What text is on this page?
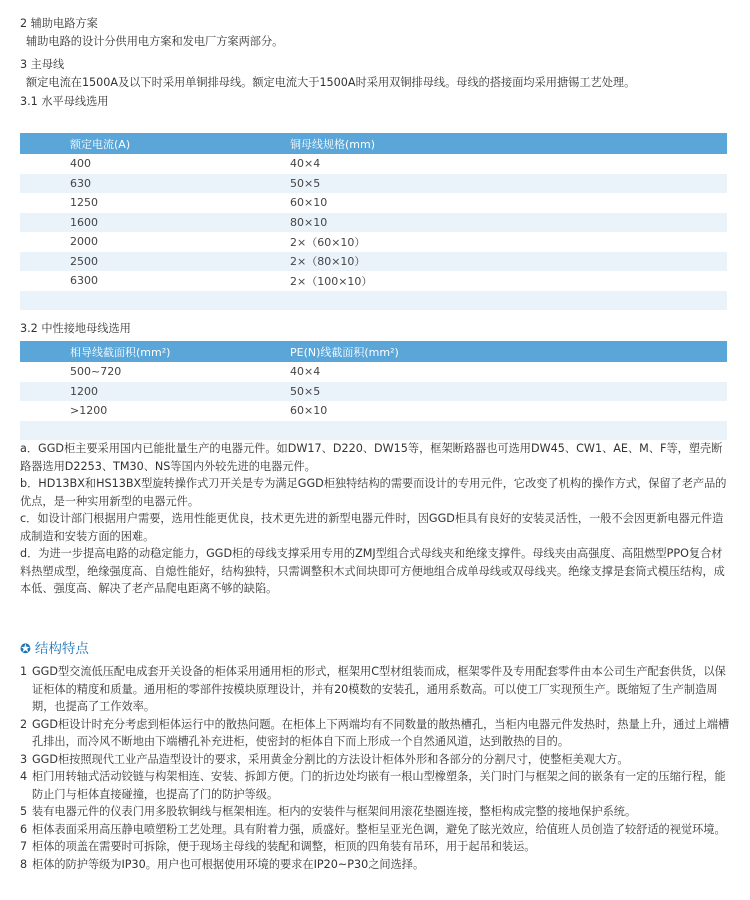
2 辅助电路方案
辅助电路的设计分供用电方案和发电厂方案两部分。
3 主母线
额定电流在1500A及以下时采用单铜排母线。额定电流大于1500A时采用双铜排母线。母线的搭接面均采用搪锡工艺处理。
3.1 水平母线选用
额定电流(A)	铜母线规格(mm)
400	40×4
630	50×5
1250	60×10
1600	80×10
2000	2×（60×10）
2500	2×（80×10）
6300	2×（100×10）

3.2 中性接地母线选用
相导线截面积(mm²)	PE(N)线截面积(mm²)
500~720	40×4
1200	50×5
>1200	60×10

a．GGD柜主要采用国内已能批量生产的电器元件。如DW17、D220、DW15等，框架断路器也可选用DW45、CW1、AE、M、F等，塑壳断路器选用D2253、TM30、NS等国内外较先进的电器元件。
b．HD13BX和HS13BX型旋转操作式刀开关是专为满足GGD柜独特结构的需要而设计的专用元件，它改变了机构的操作方式，保留了老产品的优点，是一种实用新型的电器元件。
c．如设计部门根据用户需要，选用性能更优良，技术更先进的新型电器元件时，因GGD柜具有良好的安装灵活性，一般不会因更新电器元件造成制造和安装方面的困难。
d．为进一步提高电路的动稳定能力，GGD柜的母线支撑采用专用的ZMJ型组合式母线夹和绝缘支撑件。母线夹由高强度、高阻燃型PPO复合材料热塑成型，绝缘强度高、自熄性能好，结构独特，只需调整积木式间块即可方便地组合成单母线或双母线夹。绝缘支撑是套筒式模压结构，成本低、强度高、解决了老产品爬电距离不够的缺陷。
✪ 结构特点
1 GGD型交流低压配电成套开关设备的柜体采用通用柜的形式，框架用C型材组装而成，框架零件及专用配套零件由本公司生产配套供货，以保证柜体的精度和质量。通用柜的零部件按模块原理设计，并有20模数的安装孔，通用系数高。可以使工厂实现预生产。既缩短了生产制造周期，也提高了工作效率。
2 GGD柜设计时充分考虑到柜体运行中的散热问题。在柜体上下两端均有不同数量的散热槽孔，当柜内电器元件发热时，热量上升，通过上端槽孔排出，而冷风不断地由下端槽孔补充进柜，使密封的柜体自下而上形成一个自然通风道，达到散热的目的。
3 GGD柜按照现代工业产品造型设计的要求，采用黄金分割比的方法设计柜体外形和各部分的分割尺寸，使整柜美观大方。
4 柜门用转轴式活动铰链与构架相连、安装、拆卸方便。门的折边处均嵌有一根山型橡塑条，关门时门与框架之间的嵌条有一定的压缩行程，能防止门与柜体直接碰撞，也提高了门的防护等级。
5 装有电器元件的仪表门用多股软铜线与框架相连。柜内的安装件与框架间用滚花垫圈连接，整柜构成完整的接地保护系统。
6 柜体表面采用高压静电喷塑粉工艺处理。具有附着力强，质盛好。整柜呈亚光色调，避免了眩光效应，给值班人员创造了较舒适的视觉环境。
7 柜体的项盖在需要时可拆除，便于现场主母线的装配和调整，柜顶的四角装有吊环，用于起吊和装运。
8 柜体的防护等级为IP30。用户也可根据使用环境的要求在IP20~P30之间选择。
